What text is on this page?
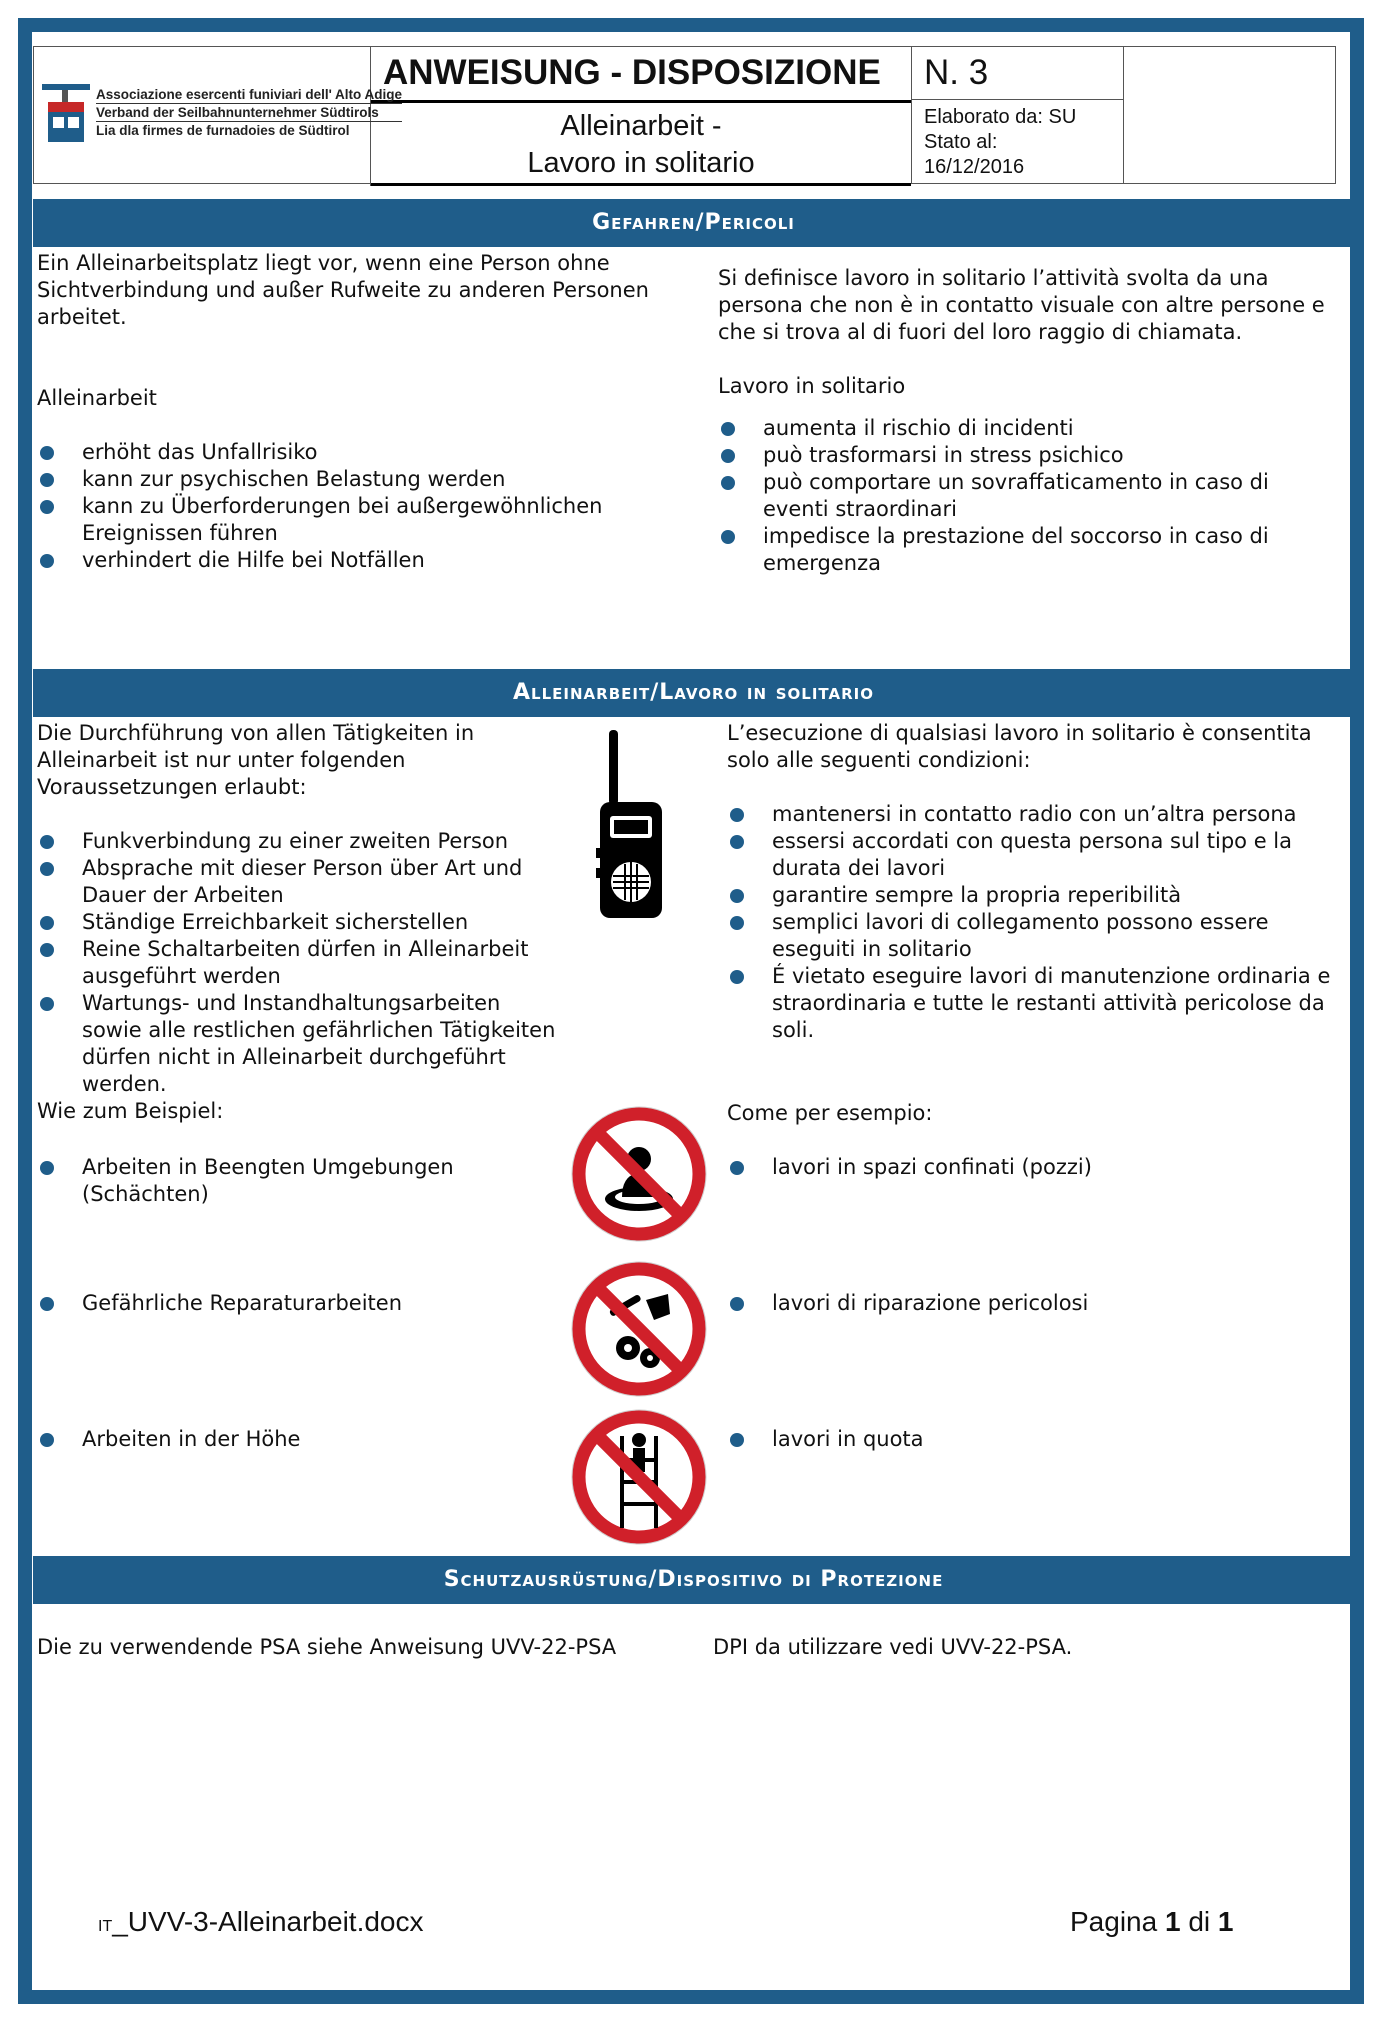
Associazione esercenti funiviari dell' Alto Adige
Verband der Seilbahnunternehmer Südtirols
Lia dla firmes de furnadoies de Südtirol
ANWEISUNG - DISPOSIZIONE N. 3
Alleinarbeit -
Lavoro in solitario
Elaborato da: SU
Stato al:
16/12/2016
Gefahren/Pericoli

Ein Alleinarbeitsplatz liegt vor, wenn eine Person ohne Sichtverbindung und außer Rufweite zu anderen Personen arbeitet.

Alleinarbeit

erhöht das Unfallrisiko
kann zur psychischen Belastung werden
kann zu Überforderungen bei außergewöhnlichen Ereignissen führen
verhindert die Hilfe bei Notfällen

Si definisce lavoro in solitario l’attività svolta da una persona che non è in contatto visuale con altre persone e che si trova al di fuori del loro raggio di chiamata.

Lavoro in solitario

aumenta il rischio di incidenti
può trasformarsi in stress psichico
può comportare un sovraffaticamento in caso di eventi straordinari
impedisce la prestazione del soccorso in caso di emergenza
Alleinarbeit/Lavoro in solitario

Die Durchführung von allen Tätigkeiten in Alleinarbeit ist nur unter folgenden Voraussetzungen erlaubt:

Funkverbindung zu einer zweiten Person
Absprache mit dieser Person über Art und Dauer der Arbeiten
Ständige Erreichbarkeit sicherstellen
Reine Schaltarbeiten dürfen in Alleinarbeit ausgeführt werden
Wartungs- und Instandhaltungsarbeiten sowie alle restlichen gefährlichen Tätigkeiten dürfen nicht in Alleinarbeit durchgeführt werden.

Wie zum Beispiel:

L’esecuzione di qualsiasi lavoro in solitario è consentita solo alle seguenti condizioni:

mantenersi in contatto radio con un’altra persona
essersi accordati con questa persona sul tipo e la durata dei lavori
garantire sempre la propria reperibilità
semplici lavori di collegamento possono essere eseguiti in solitario
É vietato eseguire lavori di manutenzione ordinaria e straordinaria e tutte le restanti attività pericolose da soli.
Come per esempio:
Arbeiten in Beengten Umgebungen (Schächten)
Gefährliche Reparaturarbeiten
Arbeiten in der Höhe
lavori in spazi confinati (pozzi)
lavori di riparazione pericolosi
lavori in quota
Schutzausrüstung/Dispositivo di Protezione
Die zu verwendende PSA siehe Anweisung UVV-22-PSA	DPI da utilizzare vedi UVV-22-PSA.
IT_UVV-3-Alleinarbeit.docx	Pagina 1 di 1
